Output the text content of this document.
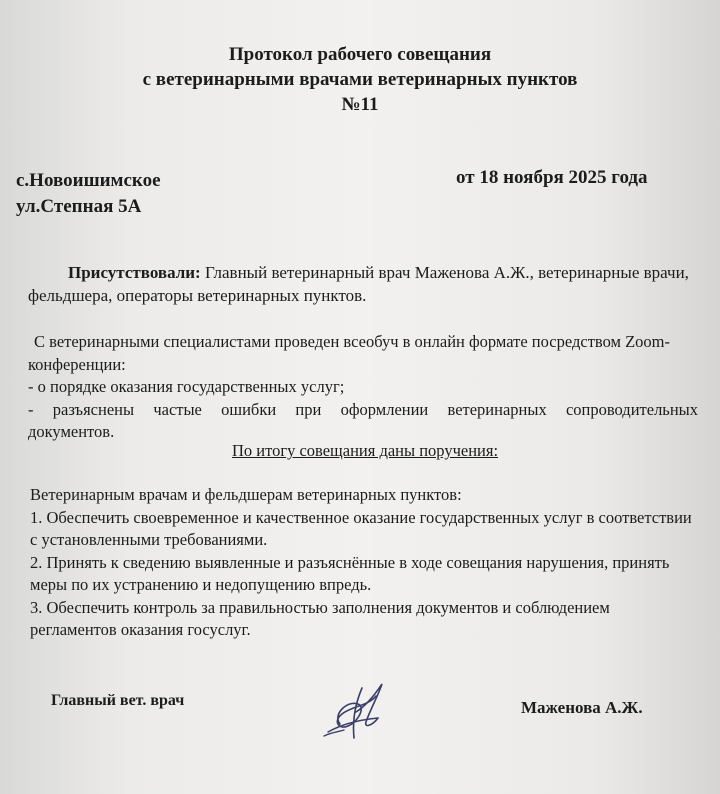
Протокол рабочего совещания
с ветеринарными врачами ветеринарных пунктов
№11
с.Новоишимское
ул.Степная 5А
от 18 ноября 2025 года
Присутствовали: Главный ветеринарный врач Маженова А.Ж., ветеринарные врачи, фельдшера, операторы ветеринарных пунктов.

С ветеринарными специалистами проведен всеобуч в онлайн формате посредством Zoom-конференции:

- о порядке оказания государственных услуг;

- разъяснены частые ошибки при оформлении ветеринарных сопроводительных

документов.

По итогу совещания даны поручения:

Ветеринарным врачам и фельдшерам ветеринарных пунктов:

1. Обеспечить своевременное и качественное оказание государственных услуг в соответствии с установленными требованиями.

2. Принять к сведению выявленные и разъяснённые в ходе совещания нарушения, принять меры по их устранению и недопущению впредь.

3. Обеспечить контроль за правильностью заполнения документов и соблюдением регламентов оказания госуслуг.

Главный вет. врач	Маженова А.Ж.
